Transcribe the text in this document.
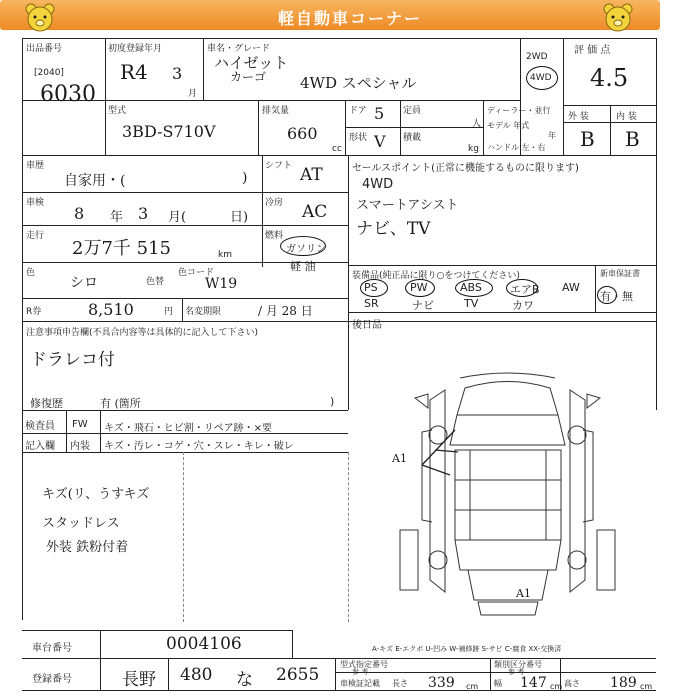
軽自動車コーナー
出品番号
[2040]
6030
初度登録年月
R4 3
月
車名・グレード
ハイゼット
カーゴ 4WD スペシャル
2WD
4WD
評 価 点
4.5
外 装	内 装
B B
型式
3BD-S710V
排気量
660
cc
ドア 5
形状 V
定員
人
積載
kg
ディーラー・並行
モデル 年式
年
ハンドル 左・右
車歴
自家用・(	)
シフト AT
車検
8 年 3 月(	日)
冷房 AC
走行
2万7千 515	km
燃料
ガソリン
軽 油
色
シロ	色替
色コード
W19
R券	8,510	円 名変期限	/ 月 28 日
セールスポイント(正常に機能するものに限ります)
4WD
スマートアシスト
ナビ、TV
装備品(純正品に限り○をつけてください)
PS	PW	ABS	エアB AW
SR	ナビ	TV	カワ
新車保証書
有・無
後日品
注意事項申告欄(不具合内容等は具体的に記入して下さい)
ドラレコ付
修復歴	有 (箇所	)
検査員
記入欄
FW キズ・飛石・ヒビ割・リペア跡・×要
内装 キズ・汚レ・コゲ・穴・スレ・キレ・破レ
キズ(リ、うすキズ
スタッドレス
外装 鉄粉付着
A1
A1
A-キズ E-エクボ U-凹み W-補修跡 S-サビ C-腐食 XX-交換済
車台番号	0004106
登録番号	長野 480 な 2655
型式指定番号
参 考
類別区分番号
参 考
車検証記載 長さ 339 cm 幅 147 cm 高さ 189 cm
